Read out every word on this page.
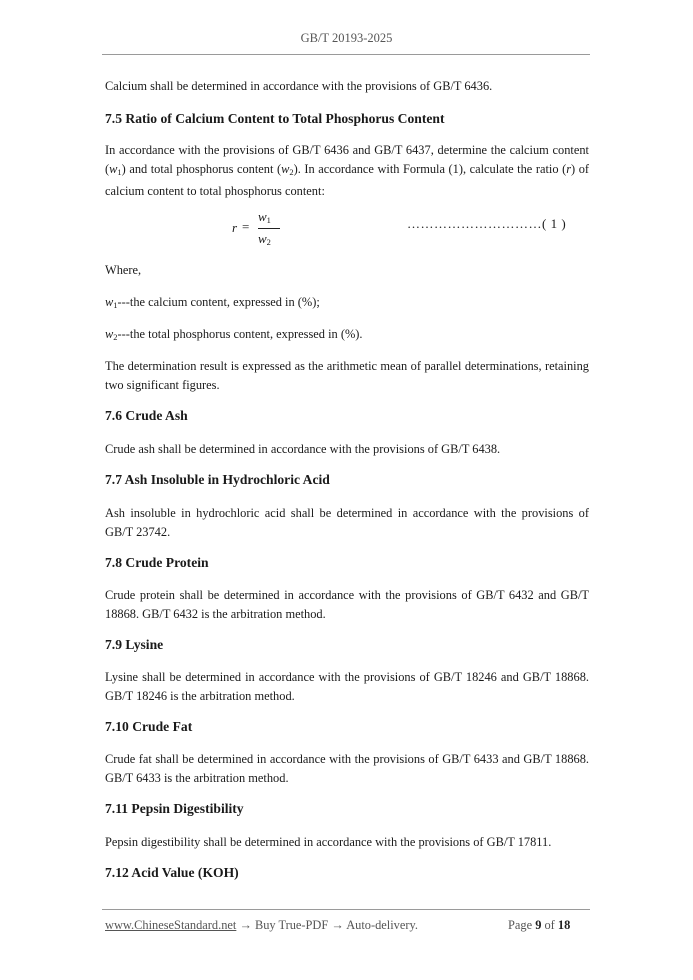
GB/T 20193-2025

Calcium shall be determined in accordance with the provisions of GB/T 6436.

7.5 Ratio of Calcium Content to Total Phosphorus Content

In accordance with the provisions of GB/T 6436 and GB/T 6437, determine the calcium content $(w_1)$ and total phosphorus content $(w_2)$. In accordance with Formula (1), calculate the ratio (r) of calcium content to total phosphorus content:

r =
$w_1$
$w_2$
…………………………( 1 )

Where,

$w_1--$-the calcium content, expressed in (%);

$w_2--$-the total phosphorus content, expressed in (%).

The determination result is expressed as the arithmetic mean of parallel determinations, retaining two significant figures.

7.6 Crude Ash

Crude ash shall be determined in accordance with the provisions of GB/T 6438.

7.7 Ash Insoluble in Hydrochloric Acid

Ash insoluble in hydrochloric acid shall be determined in accordance with the provisions of GB/T 23742.

7.8 Crude Protein

Crude protein shall be determined in accordance with the provisions of GB/T 6432 and GB/T 18868. GB/T 6432 is the arbitration method.

7.9 Lysine

Lysine shall be determined in accordance with the provisions of GB/T 18246 and GB/T 18868. GB/T 18246 is the arbitration method.

7.10 Crude Fat

Crude fat shall be determined in accordance with the provisions of GB/T 6433 and GB/T 18868. GB/T 6433 is the arbitration method.

7.11 Pepsin Digestibility

Pepsin digestibility shall be determined in accordance with the provisions of GB/T 17811.

7.12 Acid Value (KOH)
www.ChineseStandard.net → Buy True-PDF → Auto-delivery.	Page 9 of 18
